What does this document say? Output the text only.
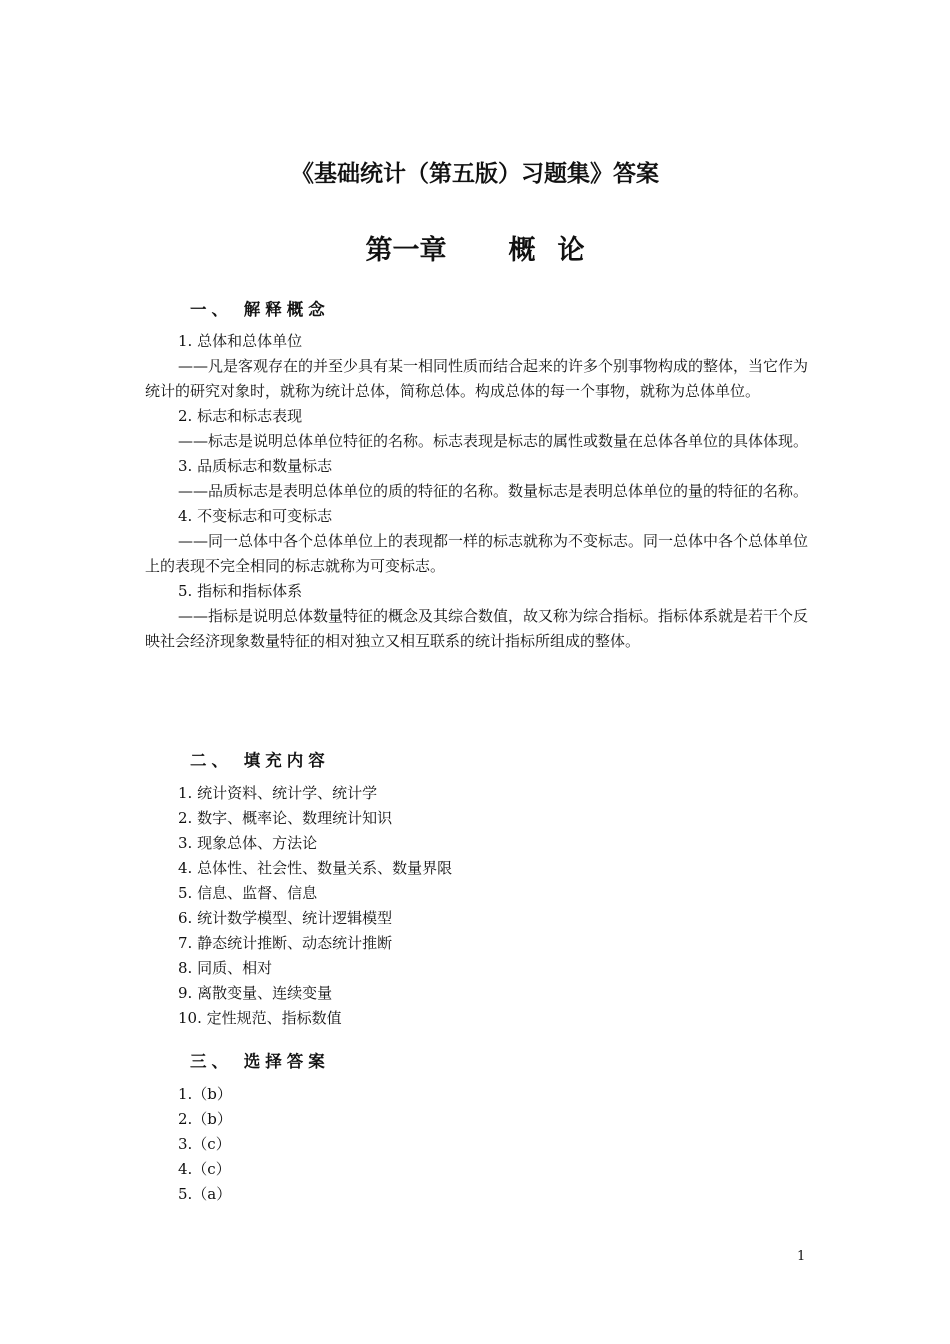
《基础统计（第五版）习题集》答案
第一章 概 论
一、 解释概念

1. 总体和总体单位

——凡是客观存在的并至少具有某一相同性质而结合起来的许多个别事物构成的整体，当它作为统计的研究对象时，就称为统计总体，简称总体。构成总体的每一个事物，就称为总体单位。

2. 标志和标志表现

——标志是说明总体单位特征的名称。标志表现是标志的属性或数量在总体各单位的具体体现。

3. 品质标志和数量标志

——品质标志是表明总体单位的质的特征的名称。数量标志是表明总体单位的量的特征的名称。

4. 不变标志和可变标志

——同一总体中各个总体单位上的表现都一样的标志就称为不变标志。同一总体中各个总体单位上的表现不完全相同的标志就称为可变标志。

5. 指标和指标体系

——指标是说明总体数量特征的概念及其综合数值，故又称为综合指标。指标体系就是若干个反映社会经济现象数量特征的相对独立又相互联系的统计指标所组成的整体。

二、 填充内容

1. 统计资料、统计学、统计学

2. 数字、概率论、数理统计知识

3. 现象总体、方法论

4. 总体性、社会性、数量关系、数量界限

5. 信息、监督、信息

6. 统计数学模型、统计逻辑模型

7. 静态统计推断、动态统计推断

8. 同质、相对

9. 离散变量、连续变量

10. 定性规范、指标数值

三、 选择答案

1.（b）

2.（b）

3.（c）

4.（c）

5.（a）

1
